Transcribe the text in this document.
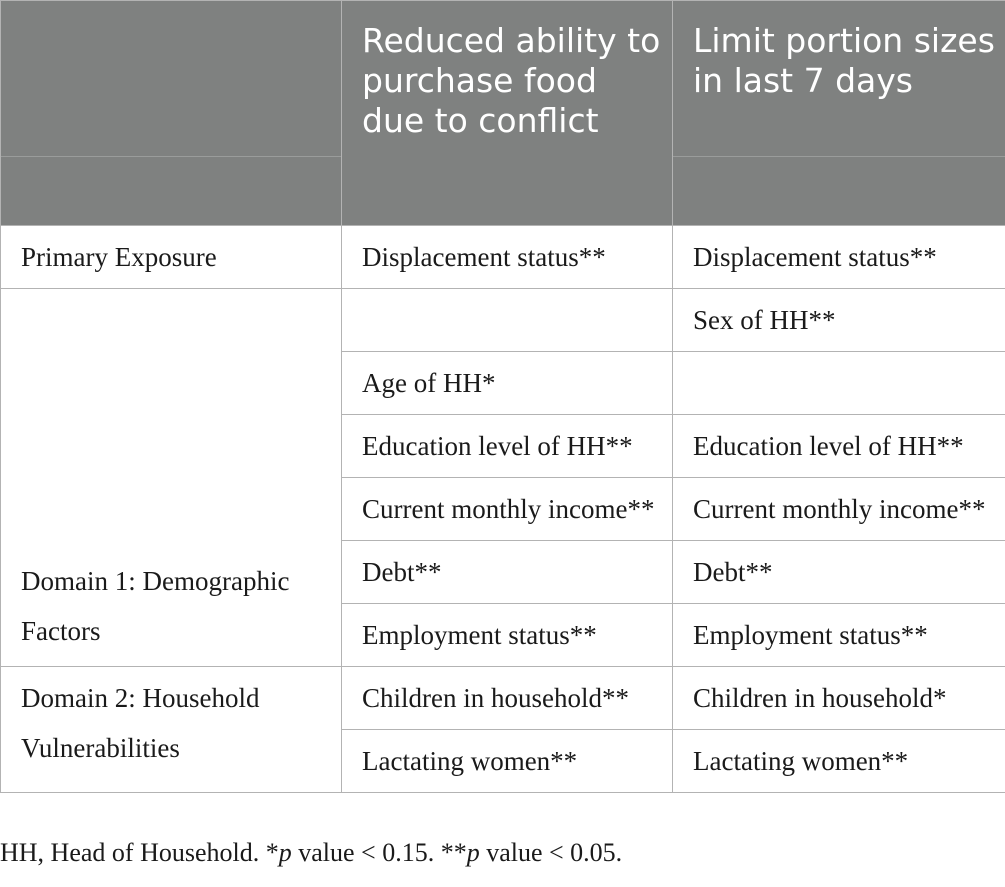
	Reduced ability to purchase food due to conflict	Limit portion sizes in last 7 days

Primary Exposure	Displacement status**	Displacement status**
Domain 1: Demographic Factors		Sex of HH**
	Age of HH*	
	Education level of HH**	Education level of HH**
	Current monthly income**	Current monthly income**
	Debt**	Debt**
	Employment status**	Employment status**
Domain 2: Household Vulnerabilities	Children in household**	Children in household*
	Lactating women**	Lactating women**
HH, Head of Household. *p value < 0.15. **p value < 0.05.
